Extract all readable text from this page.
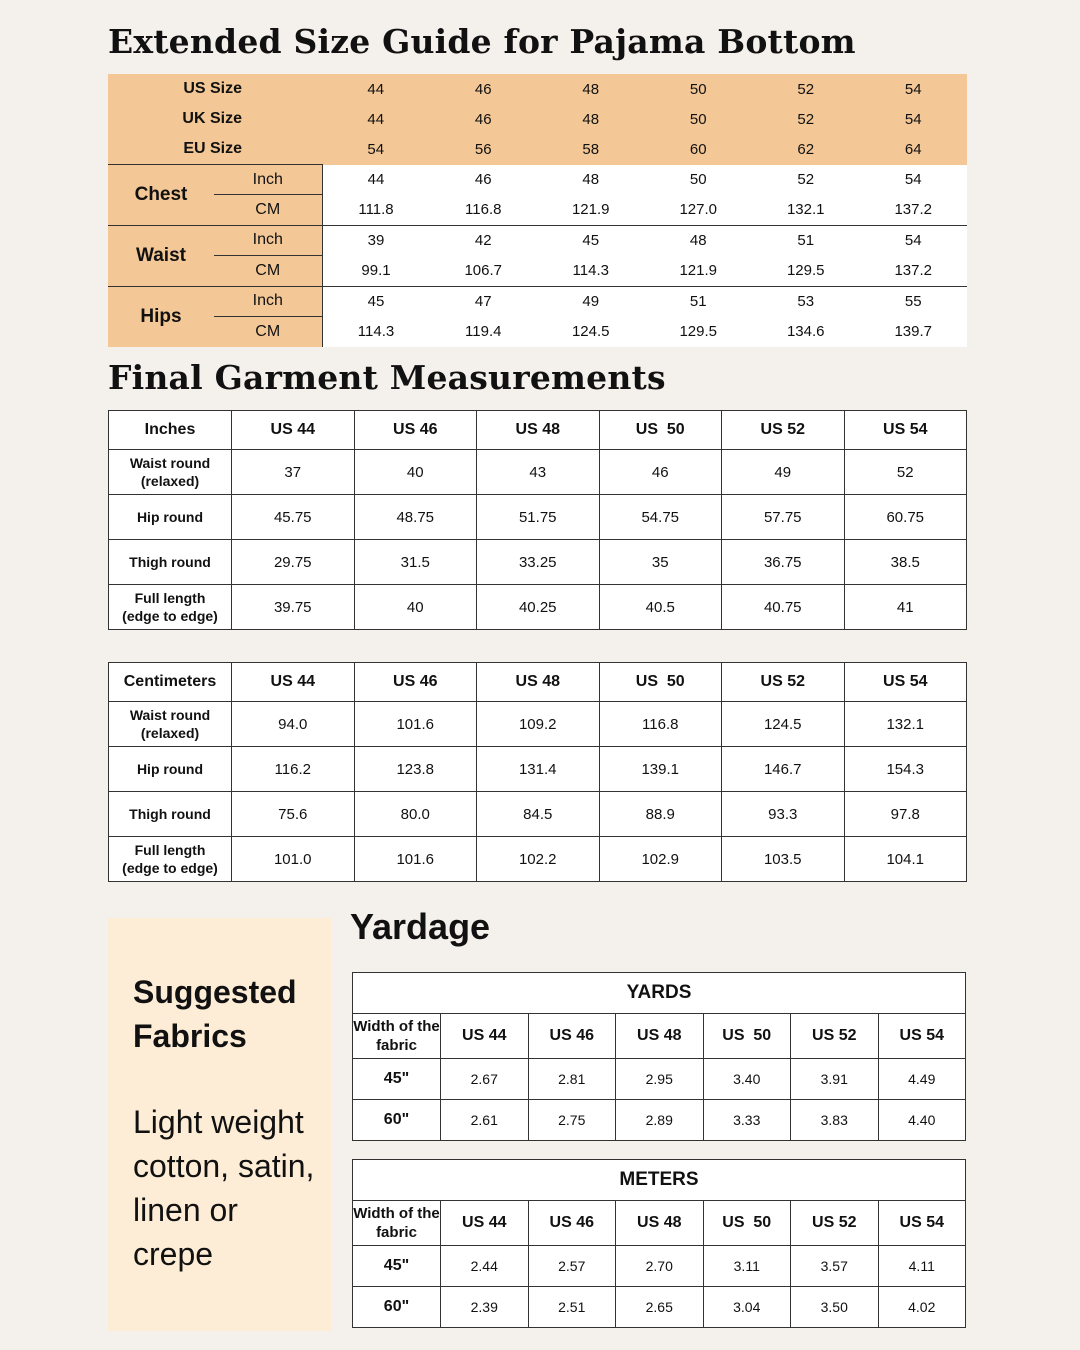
Extended Size Guide for Pajama Bottom
US Size		44	46	48	50	52	54
UK Size		44	46	48	50	52	54
EU Size		54	56	58	60	62	64
Chest	Inch	44	46	48	50	52	54
	CM	111.8	116.8	121.9	127.0	132.1	137.2
Waist	Inch	39	42	45	48	51	54
	CM	99.1	106.7	114.3	121.9	129.5	137.2
Hips	Inch	45	47	49	51	53	55
	CM	114.3	119.4	124.5	129.5	134.6	139.7
Final Garment Measurements
Inches	US 44	US 46	US 48	US  50	US 52	US 54
Waist round (relaxed)	37	40	43	46	49	52
Hip round	45.75	48.75	51.75	54.75	57.75	60.75
Thigh round	29.75	31.5	33.25	35	36.75	38.5
Full length (edge to edge)	39.75	40	40.25	40.5	40.75	41
Centimeters	US 44	US 46	US 48	US  50	US 52	US 54
Waist round (relaxed)	94.0	101.6	109.2	116.8	124.5	132.1
Hip round	116.2	123.8	131.4	139.1	146.7	154.3
Thigh round	75.6	80.0	84.5	88.9	93.3	97.8
Full length (edge to edge)	101.0	101.6	102.2	102.9	103.5	104.1
Suggested Fabrics
Light weight cotton, satin, linen or crepe
Yardage
YARDS						
Width of the fabric	US 44	US 46	US 48	US  50	US 52	US 54
45"	2.67	2.81	2.95	3.40	3.91	4.49
60"	2.61	2.75	2.89	3.33	3.83	4.40
METERS						
Width of the fabric	US 44	US 46	US 48	US  50	US 52	US 54
45"	2.44	2.57	2.70	3.11	3.57	4.11
60"	2.39	2.51	2.65	3.04	3.50	4.02
